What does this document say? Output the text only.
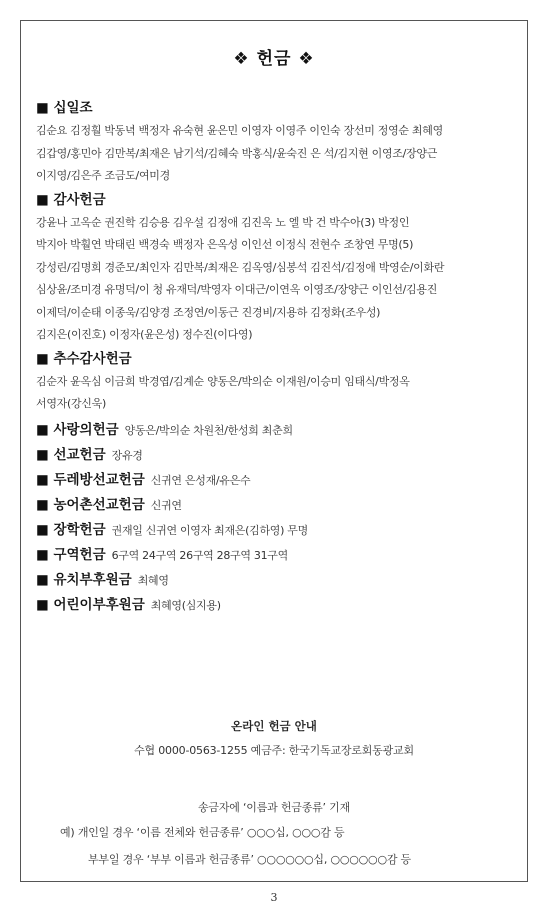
❖ 헌금 ❖
■ 십일조
김순요 김정훨 박동녁 백정자 유숙현 윤은민 이영자 이영주 이인숙 장선미 정영순 최혜영
김갑영/홍민아 김만복/최재은 남기석/김혜숙 박홍식/윤숙진 은 석/김지현 이영조/장양근
이지영/김은주 조금도/여미경
■ 감사헌금
강윤나 고옥순 권진학 김승용 김우설 김정애 김진옥 노 엘 박 건 박수아(3) 박정인
박지아 박훨연 박태린 백경숙 백정자 은옥성 이인선 이정식 전현수 조창연 무명(5)
강성린/김명희 경준모/최인자 김만복/최재은 김옥영/심봉석 김진석/김정애 박영순/이화란
심상윤/조미경 유명덕/이 청 유재덕/박영자 이대근/이연옥 이영조/장양근 이인선/김용진
이제덕/이순태 이종욱/김양경 조정연/이동근 진경비/지용하 김정화(조우성)
김지은(이진호) 이정자(윤은성) 정수진(이다영)
■ 추수감사헌금
김순자 윤옥심 이금희 박경엽/김계순 양동은/박의순 이재원/이승미 임태식/박정옥
서영자(강신욱)
■ 사랑의헌금 양동은/박의순 차원천/한성희 최춘희
■ 선교헌금 장유경
■ 두레방선교헌금 신귀연 은성재/유은수
■ 농어촌선교헌금 신귀연
■ 장학헌금 권재일 신귀연 이영자 최재은(김하영) 무명
■ 구역헌금 6구역 24구역 26구역 28구역 31구역
■ 유치부후원금 최혜영
■ 어린이부후원금 최혜영(심지용)
온라인 헌금 안내
수협 0000-0563-1255 예금주: 한국기독교장로회동광교회
송금자에 ‘이름과 헌금종류’ 기재
예) 개인일 경우 ‘이름 전체와 헌금종류’ ○○○십, ○○○감 등
부부일 경우 ‘부부 이름과 헌금종류’ ○○○○○○십, ○○○○○○감 등
3
